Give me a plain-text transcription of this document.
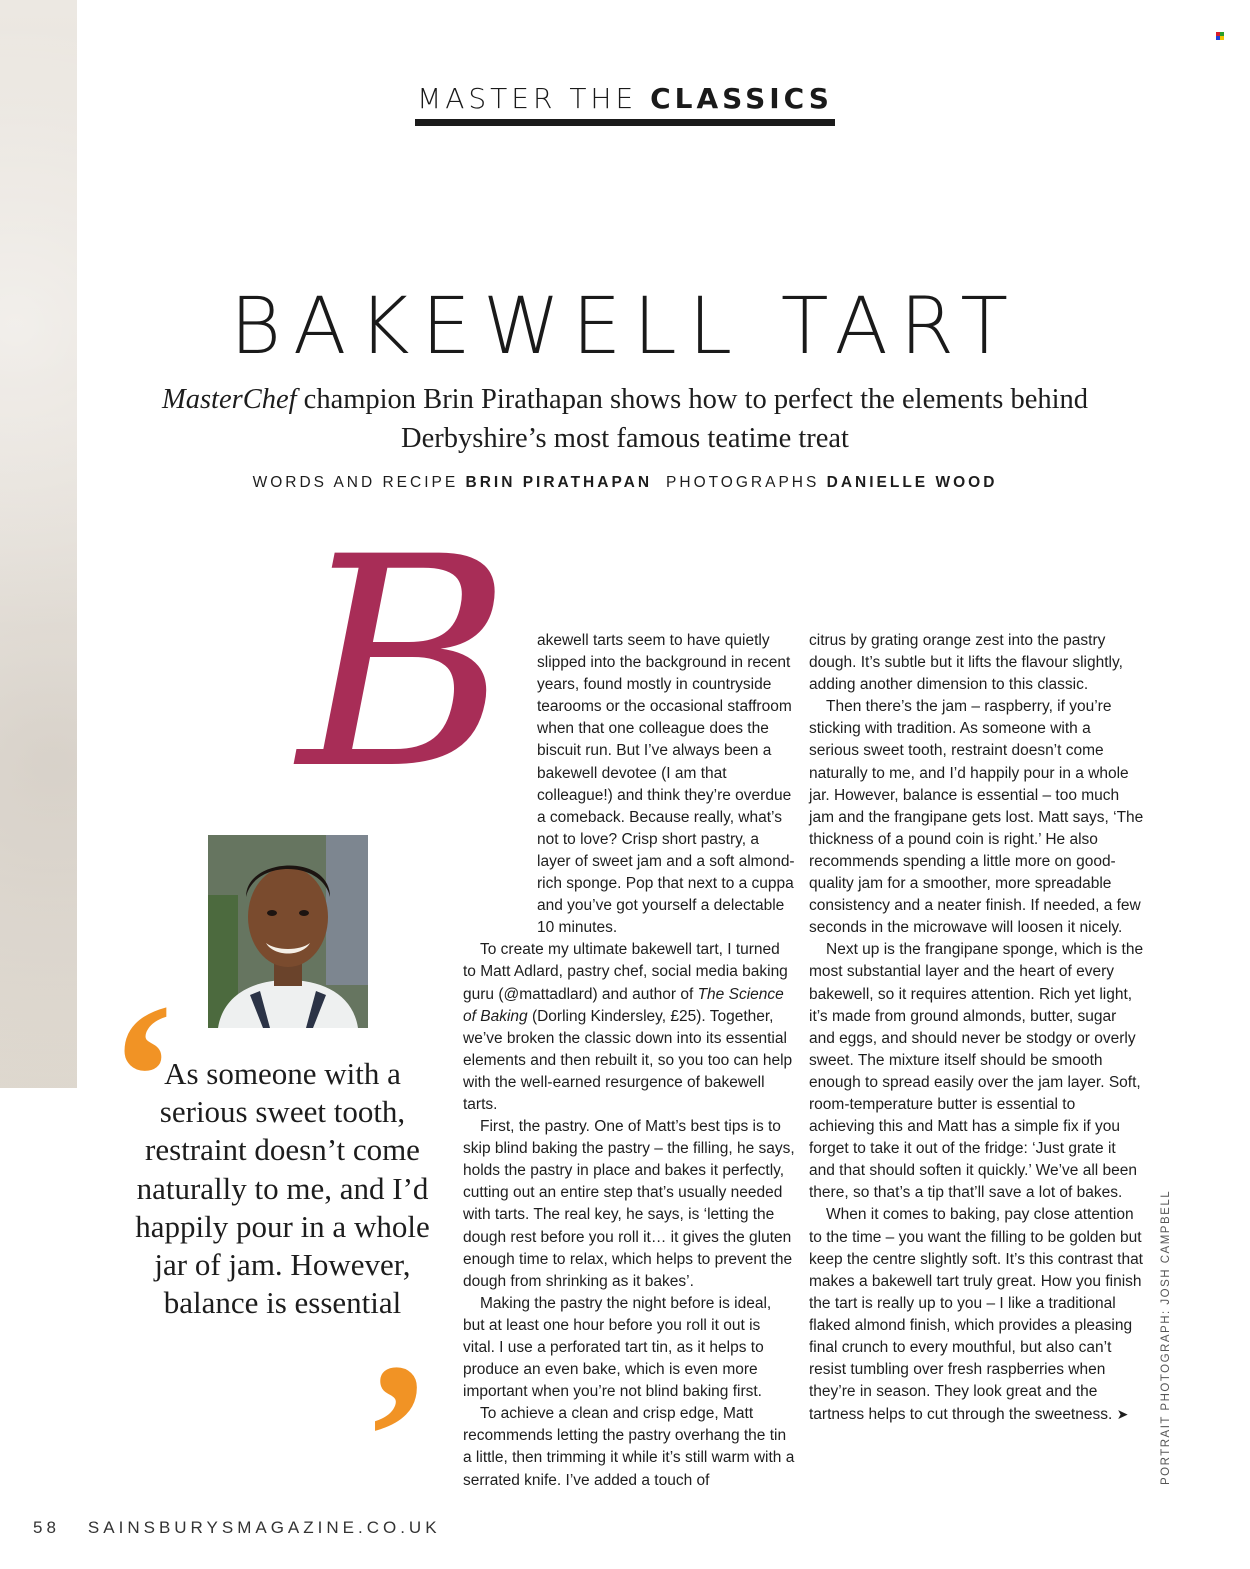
MASTER THE CLASSICS
BAKEWELL TART
MasterChef champion Brin Pirathapan shows how to perfect the elements behind Derbyshire’s most famous teatime treat
WORDS AND RECIPE BRIN PIRATHAPAN PHOTOGRAPHS DANIELLE WOOD
B	akewell tarts seem to have quietly slipped into the background in recent years, found mostly in countryside tearooms or the occasional staffroom when that one colleague does the biscuit run. But I’ve always been a bakewell devotee (I am that colleague!) and think they’re overdue a comeback. Because really, what’s not to love? Crisp short pastry, a layer of sweet jam and a soft almond-rich sponge. Pop that next to a cuppa and you’ve got yourself a delectable 10 minutes.

To create my ultimate bakewell tart, I turned to Matt Adlard, pastry chef, social media baking guru (@mattadlard) and author of The Science of Baking (Dorling Kindersley, £25). Together, we’ve broken the classic down into its essential elements and then rebuilt it, so you too can help with the well-earned resurgence of bakewell tarts.

First, the pastry. One of Matt’s best tips is to skip blind baking the pastry – the filling, he says, holds the pastry in place and bakes it perfectly, cutting out an entire step that’s usually needed with tarts. The real key, he says, is ‘letting the dough rest before you roll it… it gives the gluten enough time to relax, which helps to prevent the dough from shrinking as it bakes’.

Making the pastry the night before is ideal, but at least one hour before you roll it out is vital. I use a perforated tart tin, as it helps to produce an even bake, which is even more important when you’re not blind baking first.

To achieve a clean and crisp edge, Matt recommends letting the pastry overhang the tin a little, then trimming it while it’s still warm with a serrated knife. I’ve added a touch of

citrus by grating orange zest into the pastry dough. It’s subtle but it lifts the flavour slightly, adding another dimension to this classic.

Then there’s the jam – raspberry, if you’re sticking with tradition. As someone with a serious sweet tooth, restraint doesn’t come naturally to me, and I’d happily pour in a whole jar. However, balance is essential – too much jam and the frangipane gets lost. Matt says, ‘The thickness of a pound coin is right.’ He also recommends spending a little more on good-quality jam for a smoother, more spreadable consistency and a neater finish. If needed, a few seconds in the microwave will loosen it nicely.

Next up is the frangipane sponge, which is the most substantial layer and the heart of every bakewell, so it requires attention. Rich yet light, it’s made from ground almonds, butter, sugar and eggs, and should never be stodgy or overly sweet. The mixture itself should be smooth enough to spread easily over the jam layer. Soft, room-temperature butter is essential to achieving this and Matt has a simple fix if you forget to take it out of the fridge: ‘Just grate it and that should soften it quickly.’ We’ve all been there, so that’s a tip that’ll save a lot of bakes.

When it comes to baking, pay close attention to the time – you want the filling to be golden but keep the centre slightly soft. It’s this contrast that makes a bakewell tart truly great. How you finish the tart is really up to you – I like a traditional flaked almond finish, which provides a pleasing final crunch to every mouthful, but also can’t resist tumbling over fresh raspberries when they’re in season. They look great and the tartness helps to cut through the sweetness. ➤

‘
As someone with a serious sweet tooth, restraint doesn’t come naturally to me, and I’d happily pour in a whole jar of jam. However, balance is essential
’	PORTRAIT PHOTOGRAPH: JOSH CAMPBELL
58 SAINSBURYSMAGAZINE.CO.UK
